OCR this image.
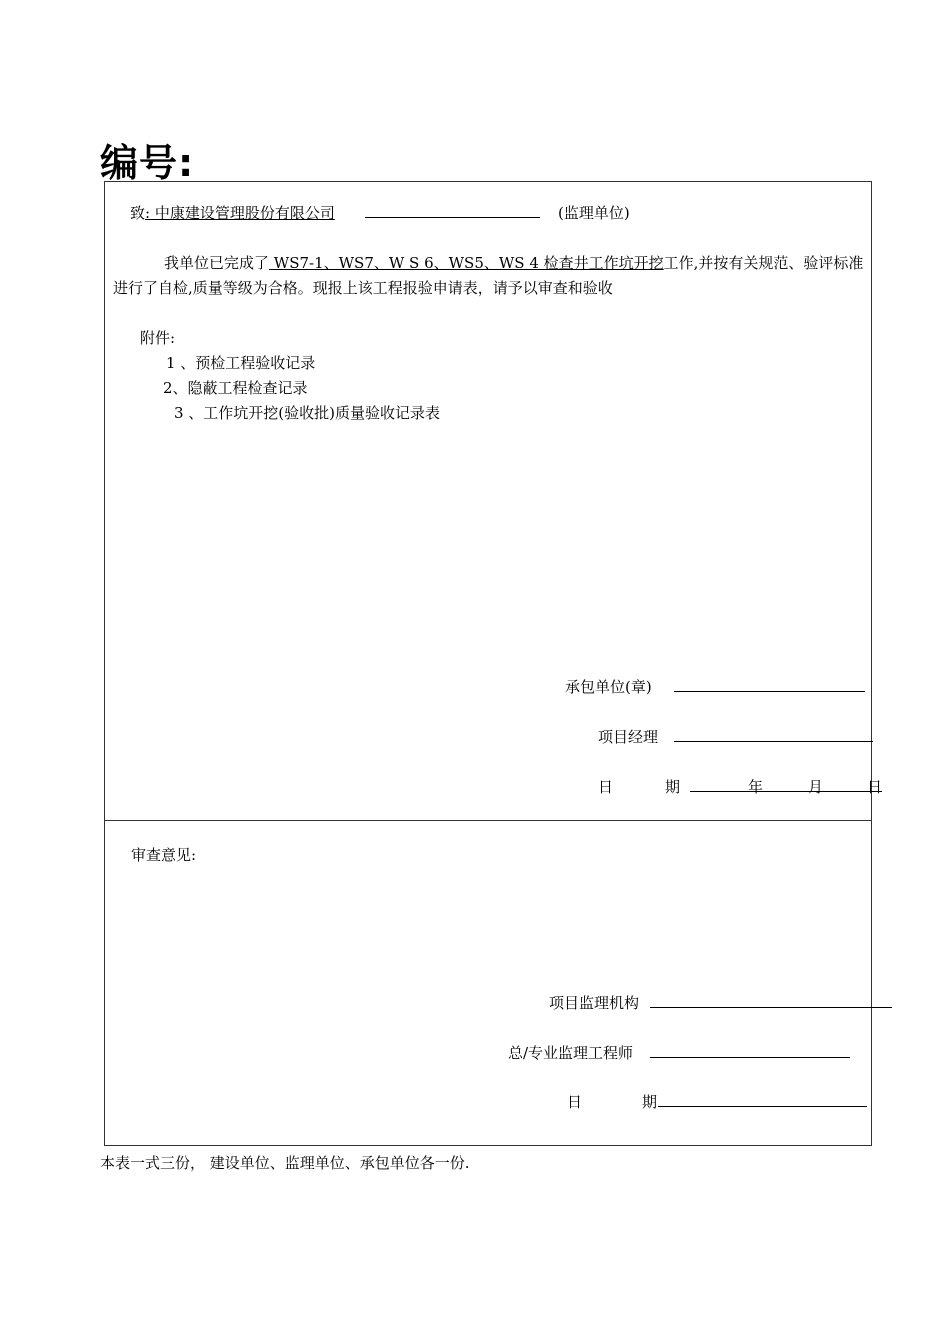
编号:
致: 中康建设管理股份有限公司	(监理单位)
我单位已完成了 WS7-1、WS7、W S 6、WS5、WS 4 检查井工作坑开挖工作,并按有关规范、验评标准
进行了自检,质量等级为合格。现报上该工程报验申请表，请予以审查和验收
附件:
1 、预检工程验收记录
2、隐蔽工程检查记录
3 、工作坑开挖(验收批)质量验收记录表
承包单位(章)
项目经理
日	期	年	月	日
审查意见:
项目监理机构
总/专业监理工程师
日	期
本表一式三份， 建设单位、监理单位、承包单位各一份.
